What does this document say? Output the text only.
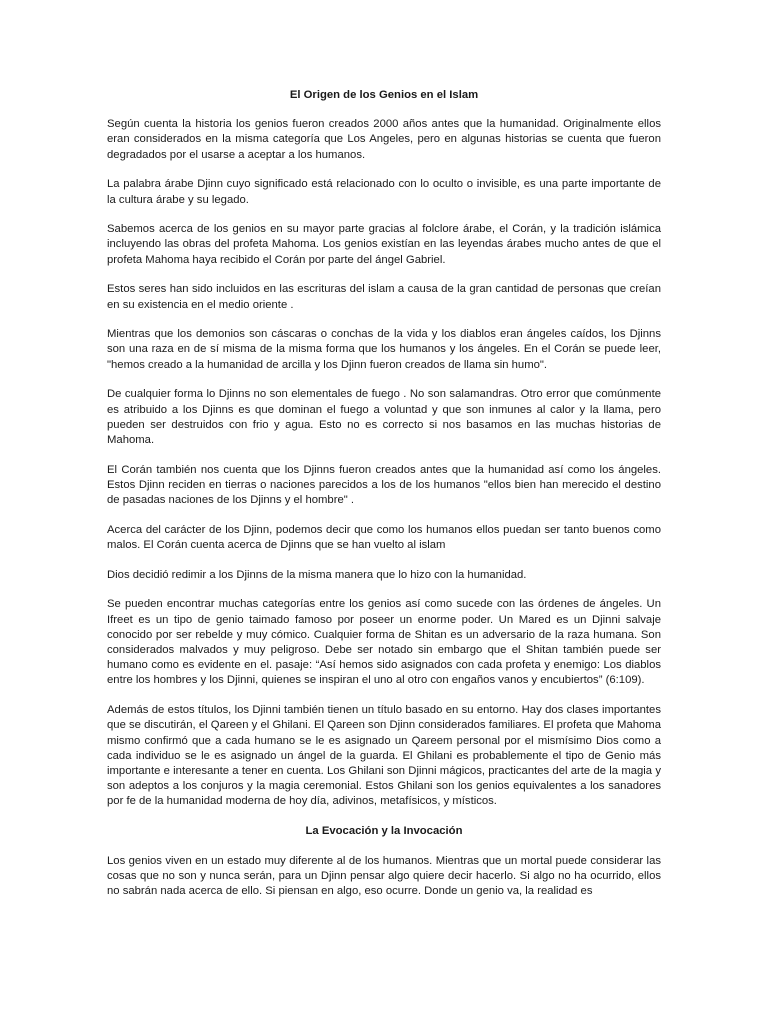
El Origen de los Genios en el Islam

Según cuenta la historia los genios fueron creados 2000 años antes que la humanidad. Originalmente ellos eran considerados en la misma categoría que Los Angeles, pero en algunas historias se cuenta que fueron degradados por el usarse a aceptar a los humanos.

La palabra árabe Djinn cuyo significado está relacionado con lo oculto o invisible, es una parte importante de la cultura árabe y su legado.

Sabemos acerca de los genios en su mayor parte gracias al folclore árabe, el Corán, y la tradición islámica incluyendo las obras del profeta Mahoma. Los genios existían en las leyendas árabes mucho antes de que el profeta Mahoma haya recibido el Corán por parte del ángel Gabriel.

Estos seres han sido incluidos en las escrituras del islam a causa de la gran cantidad de personas que creían en su existencia en el medio oriente .

Mientras que los demonios son cáscaras o conchas de la vida y los diablos eran ángeles caídos, los Djinns son una raza en de sí misma de la misma forma que los humanos y los ángeles. En el Corán se puede leer, "hemos creado a la humanidad de arcilla y los Djinn fueron creados de llama sin humo".

De cualquier forma lo Djinns no son elementales de fuego . No son salamandras. Otro error que comúnmente es atribuido a los Djinns es que dominan el fuego a voluntad y que son inmunes al calor y la llama, pero pueden ser destruidos con frio y agua. Esto no es correcto si nos basamos en las muchas historias de Mahoma.

El Corán también nos cuenta que los Djinns fueron creados antes que la humanidad así como los ángeles. Estos Djinn reciden en tierras o naciones parecidos a los de los humanos "ellos bien han merecido el destino de pasadas naciones de los Djinns y el hombre" .

Acerca del carácter de los Djinn, podemos decir que como los humanos ellos puedan ser tanto buenos como malos. El Corán cuenta acerca de Djinns que se han vuelto al islam

Dios decidió redimir a los Djinns de la misma manera que lo hizo con la humanidad.

Se pueden encontrar muchas categorías entre los genios así como sucede con las órdenes de ángeles. Un Ifreet es un tipo de genio taimado famoso por poseer un enorme poder. Un Mared es un Djinni salvaje conocido por ser rebelde y muy cómico. Cualquier forma de Shitan es un adversario de la raza humana. Son considerados malvados y muy peligroso. Debe ser notado sin embargo que el Shitan también puede ser humano como es evidente en el. pasaje: “Así hemos sido asignados con cada profeta y enemigo: Los diablos entre los hombres y los Djinni, quienes se inspiran el uno al otro con engaños vanos y encubiertos” (6:109).

Además de estos títulos, los Djinni también tienen un título basado en su entorno. Hay dos clases importantes que se discutirán, el Qareen y el Ghilani. El Qareen son Djinn considerados familiares. El profeta que Mahoma mismo confirmó que a cada humano se le es asignado un Qareem personal por el mismísimo Dios como a cada individuo se le es asignado un ángel de la guarda. El Ghilani es probablemente el tipo de Genio más importante e interesante a tener en cuenta. Los Ghilani son Djinni mágicos, practicantes del arte de la magia y son adeptos a los conjuros y la magia ceremonial. Estos Ghilani son los genios equivalentes a los sanadores por fe de la humanidad moderna de hoy día, adivinos, metafísicos, y místicos.

La Evocación y la Invocación

Los genios viven en un estado muy diferente al de los humanos. Mientras que un mortal puede considerar las cosas que no son y nunca serán, para un Djinn pensar algo quiere decir hacerlo. Si algo no ha ocurrido, ellos no sabrán nada acerca de ello. Si piensan en algo, eso ocurre. Donde un genio va, la realidad es
